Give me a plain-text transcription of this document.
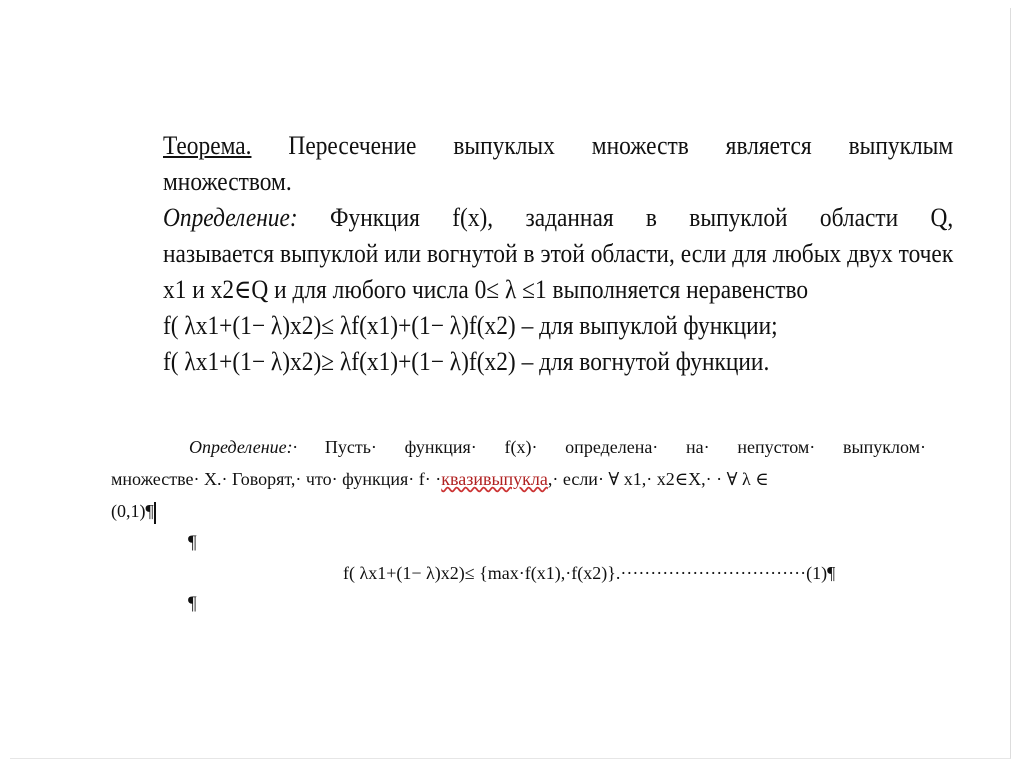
Теорема. Пересечение выпуклых множеств является выпуклым

множеством.

Определение: Функция f(x), заданная в выпуклой области Q,

называется выпуклой или вогнутой в этой области, если для любых двух точек

x1 и x2∈Q и для любого числа 0≤ λ ≤1 выполняется неравенство

f( λx1+(1− λ)x2)≤ λf(x1)+(1− λ)f(x2) – для выпуклой функции;

f( λx1+(1− λ)x2)≥ λf(x1)+(1− λ)f(x2) – для вогнутой функции.

Определение:· Пусть· функция· f(x)· определена· на· непустом· выпуклом·

множестве· X.· Говорят,· что· функция· f· ·квазивыпукла,· если· ∀ x1,· x2∈X,· · ∀ λ ∈

(0,1)¶

¶
f( λx1+(1− λ)x2)≤ {max·f(x1),·f(x2)}.·······························(1)¶
¶
